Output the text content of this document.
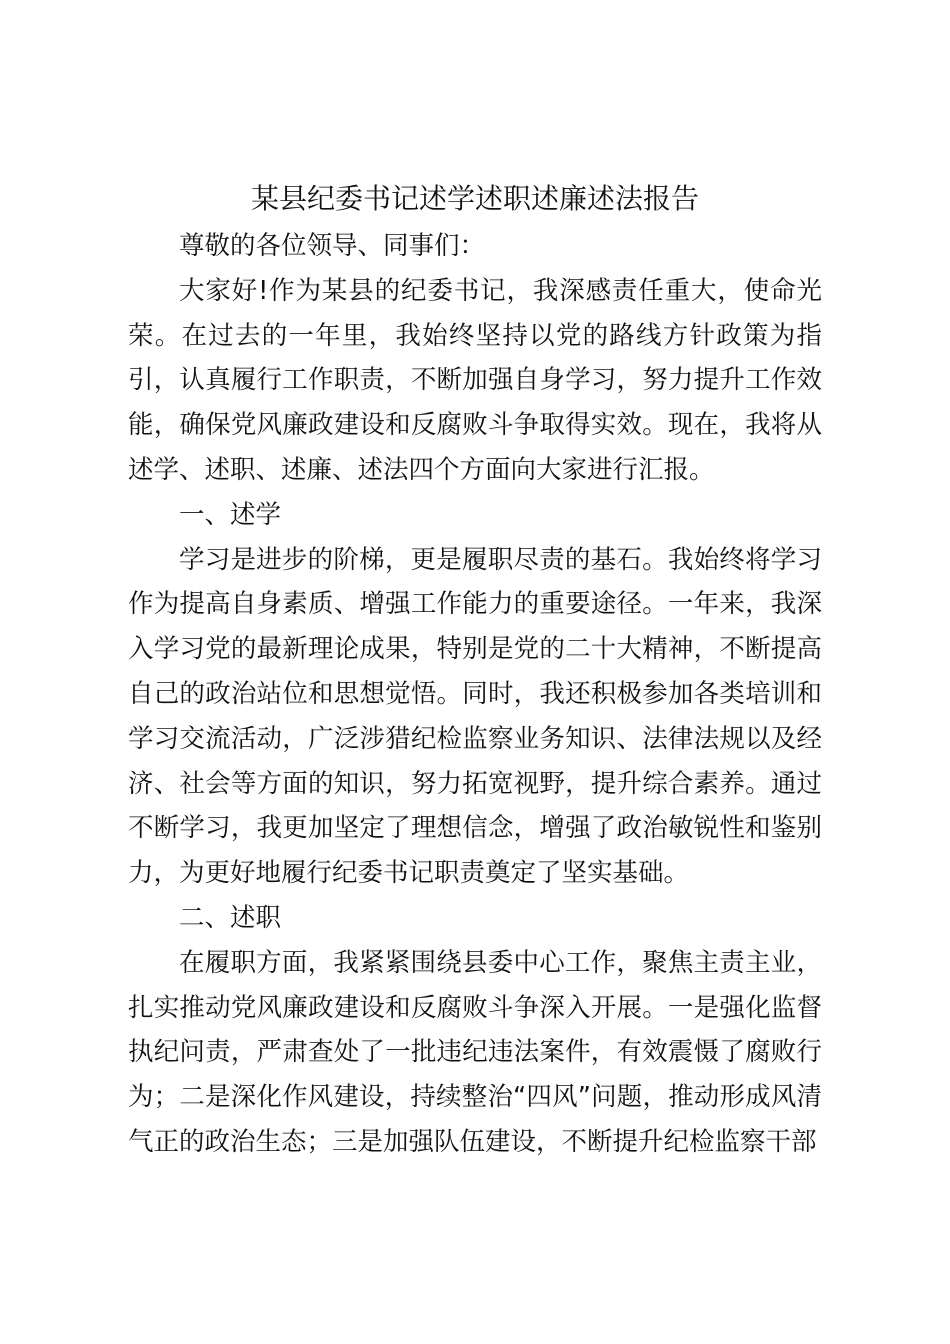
某县纪委书记述学述职述廉述法报告

尊敬的各位领导、同事们：

大家好!作为某县的纪委书记，我深感责任重大，使命光荣。在过去的一年里，我始终坚持以党的路线方针政策为指引，认真履行工作职责，不断加强自身学习，努力提升工作效能，确保党风廉政建设和反腐败斗争取得实效。现在，我将从述学、述职、述廉、述法四个方面向大家进行汇报。

一、述学

学习是进步的阶梯，更是履职尽责的基石。我始终将学习作为提高自身素质、增强工作能力的重要途径。一年来，我深入学习党的最新理论成果，特别是党的二十大精神，不断提高自己的政治站位和思想觉悟。同时，我还积极参加各类培训和学习交流活动，广泛涉猎纪检监察业务知识、法律法规以及经济、社会等方面的知识，努力拓宽视野，提升综合素养。通过不断学习，我更加坚定了理想信念，增强了政治敏锐性和鉴别力，为更好地履行纪委书记职责奠定了坚实基础。

二、述职

在履职方面，我紧紧围绕县委中心工作，聚焦主责主业，扎实推动党风廉政建设和反腐败斗争深入开展。一是强化监督执纪问责，严肃查处了一批违纪违法案件，有效震慑了腐败行为；二是深化作风建设，持续整治“四风”问题，推动形成风清气正的政治生态；三是加强队伍建设，不断提升纪检监察干部
